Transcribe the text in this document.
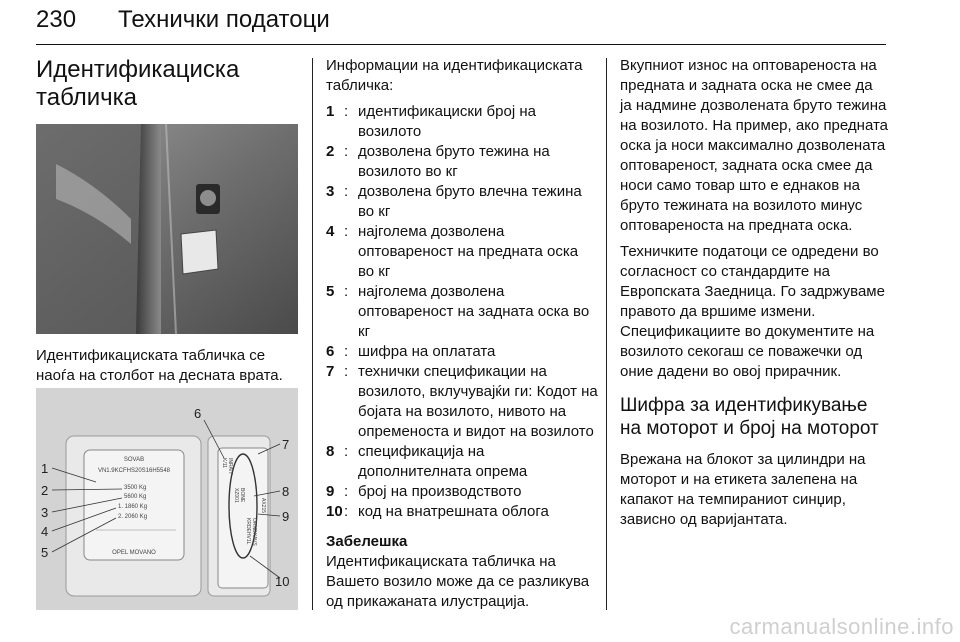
230 Технички податоци
Идентификациска табличка
Идентификациската табличка се наоѓа на столбот на десната врата.
SOVAB
VN1.9KCFHS20S16H5548
3500 Kg
5600 Kg
1. 1860 Kg
2. 2060 Kg
OPEL MOVANO
K/11 INRA/T
XZ001 BONE
KRDEHV1L ORNDXAVS
AX215
1
2
3
4
5
6
7
8
9
10
Информации на идентификациската табличка:
1 : идентификациски број на возилото
2 : дозволена бруто тежина на возилото во кг
3 : дозволена бруто влечна тежина во кг
4 : најголема дозволена оптовареност на предната оска во кг
5 : најголема дозволена оптовареност на задната оска во кг
6 : шифра на оплатата
7 : технички спецификации на возилото, вклучувајќи ги: Кодот на бојата на возилото, нивото на опременоста и видот на возилото
8 : спецификација на дополнителната опрема
9 : број на производството
10 : код на внатрешната облога
Забелешка
Идентификациската табличка на Вашето возило може да се разликува од прикажаната илустрација.
Вкупниот износ на оптовареноста на предната и задната оска не смее да ја надмине дозволената бруто тежина на возилото. На пример, ако предната оска ја носи максимално дозволената оптовареност, задната оска смее да носи само товар што е еднаков на бруто тежината на возилото минус оптовареноста на предната оска.
Техничките податоци се одредени во согласност со стандардите на Европската Заедница. Го задржуваме правото да вршиме измени. Спецификациите во документите на возилото секогаш се поважечки од оние дадени во овој прирачник.
Шифра за идентификување на моторот и број на моторот
Врежана на блокот за цилиндри на моторот и на етикета залепена на капакот на темпираниот синџир, зависно од варијантата.
carmanualsonline.info
